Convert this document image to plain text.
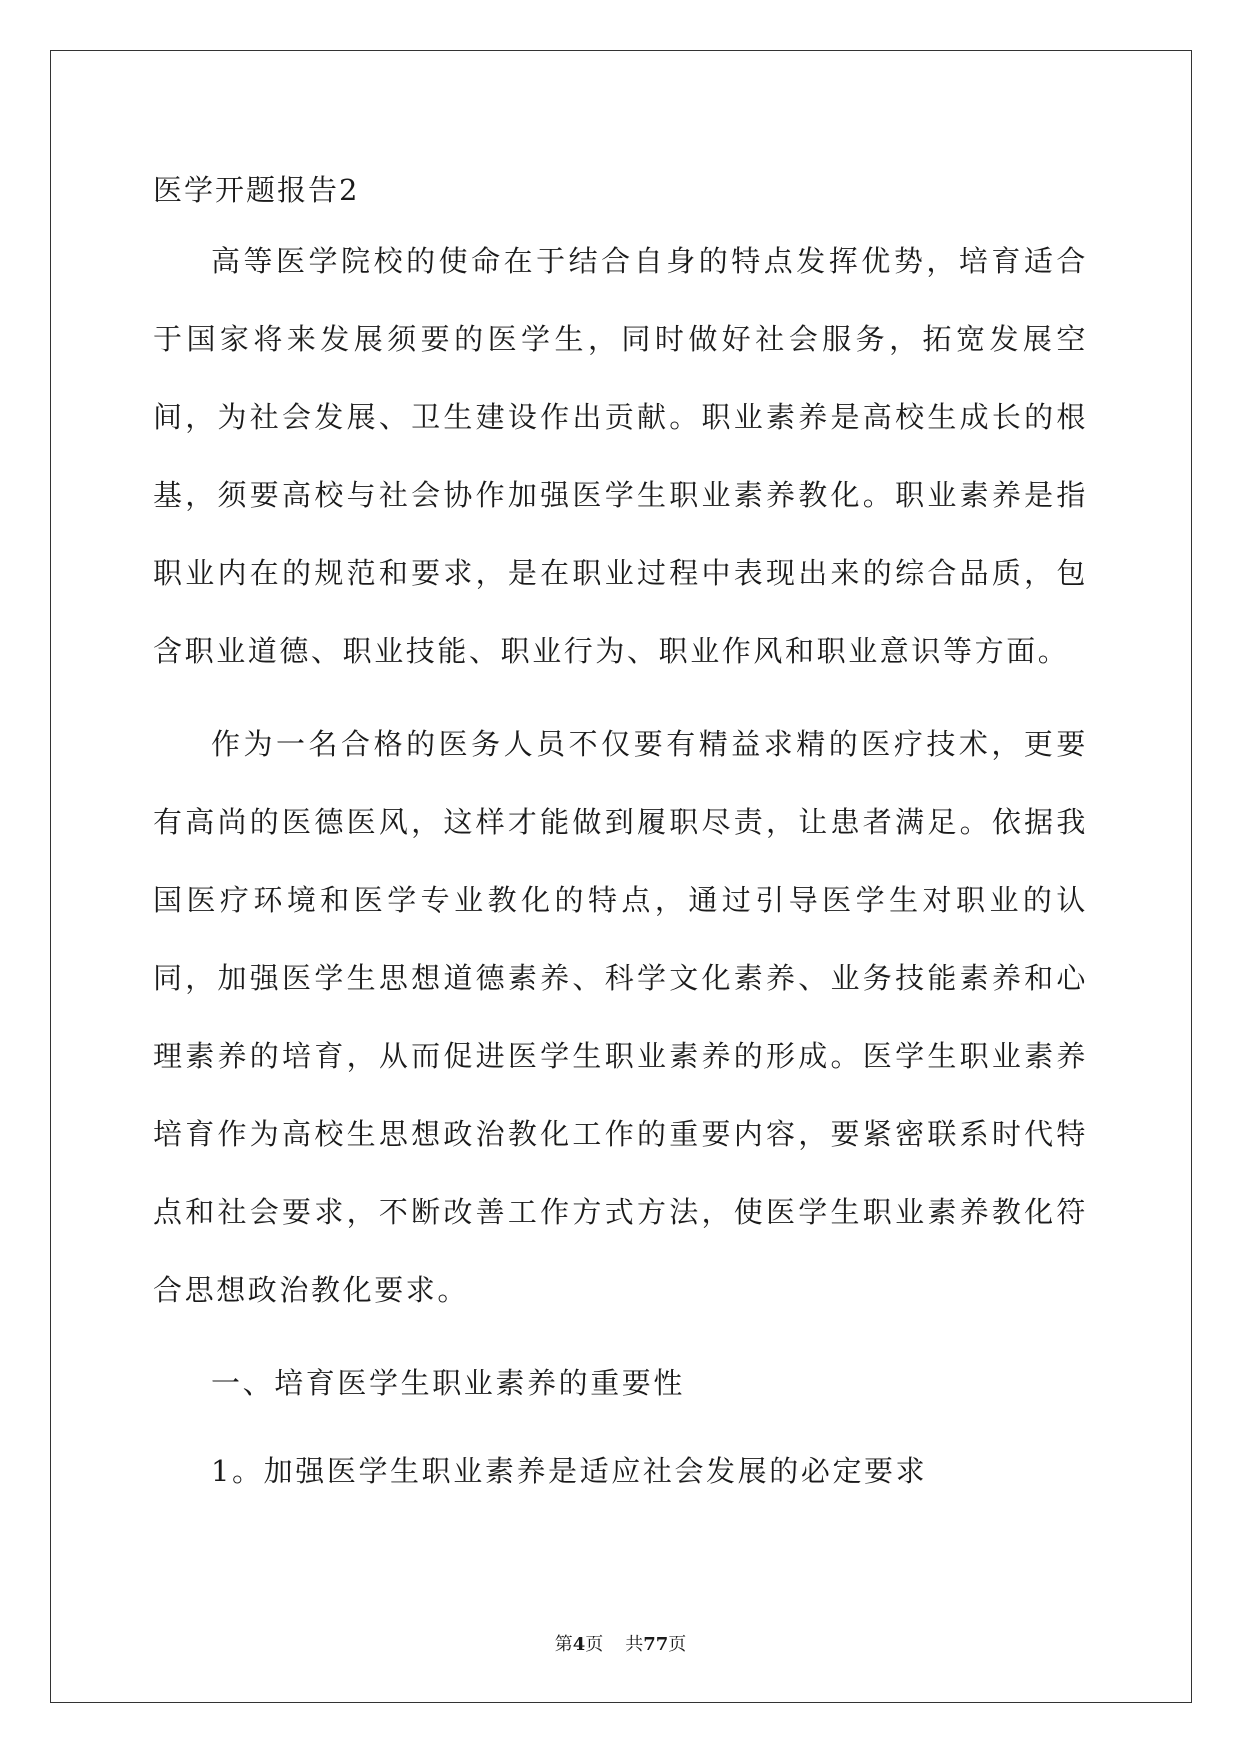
医学开题报告2

高等医学院校的使命在于结合自身的特点发挥优势，培育适合于国家将来发展须要的医学生，同时做好社会服务，拓宽发展空间，为社会发展、卫生建设作出贡献。职业素养是高校生成长的根基，须要高校与社会协作加强医学生职业素养教化。职业素养是指职业内在的规范和要求，是在职业过程中表现出来的综合品质，包含职业道德、职业技能、职业行为、职业作风和职业意识等方面。

作为一名合格的医务人员不仅要有精益求精的医疗技术，更要有高尚的医德医风，这样才能做到履职尽责，让患者满足。依据我国医疗环境和医学专业教化的特点，通过引导医学生对职业的认同，加强医学生思想道德素养、科学文化素养、业务技能素养和心理素养的培育，从而促进医学生职业素养的形成。医学生职业素养培育作为高校生思想政治教化工作的重要内容，要紧密联系时代特点和社会要求，不断改善工作方式方法，使医学生职业素养教化符合思想政治教化要求。

一、培育医学生职业素养的重要性

1。加强医学生职业素养是适应社会发展的必定要求

第4页 共77页
